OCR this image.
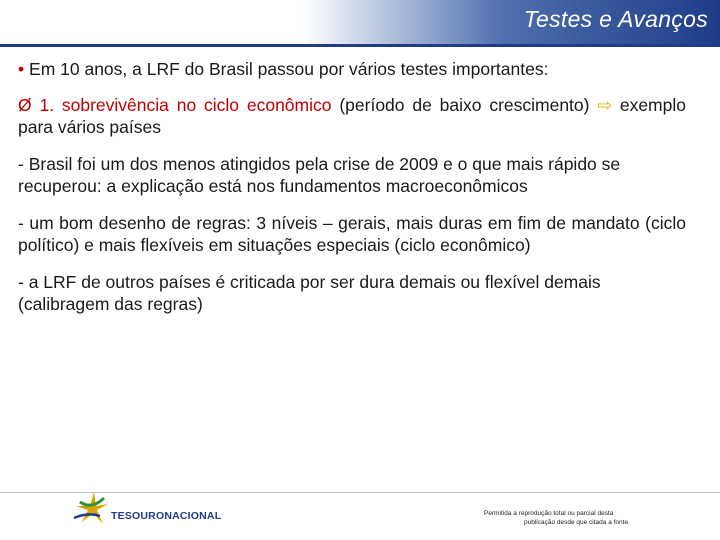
Testes e Avanços

• Em 10 anos, a LRF do Brasil passou por vários testes importantes:

Ø 1. sobrevivência no ciclo econômico (período de baixo crescimento) ⇨ exemplo para vários países

- Brasil foi um dos menos atingidos pela crise de 2009 e o que mais rápido se recuperou: a explicação está nos fundamentos macroeconômicos

- um bom desenho de regras: 3 níveis – gerais, mais duras em fim de mandato (ciclo político) e mais flexíveis em situações especiais (ciclo econômico)

- a LRF de outros países é criticada por ser dura demais ou flexível demais (calibragem das regras)

TESOURONACIONAL	Permitida a reprodução total ou parcial desta
publicação desde que citada a fonte.
